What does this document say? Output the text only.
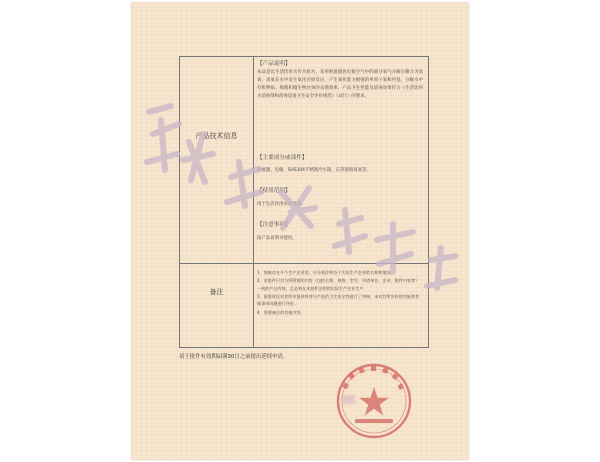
产品技术信息
备注
【产品说明】

本品是以生活饮用水作为原水，采用射流器放电使空气中的部分氧气分解后聚合为臭氧，臭氧在水中发生氧化还原反应，产生氧化能力极强的单原子氧和羟基，分解水中有机物质、细菌和微生物达到的杀菌效果。产品卫生性能及消毒效果符合《生活饮用水消毒剂和消毒设备卫生安全评价规范》（试行）的要求。

【主要成分或部件】

射流器、电极、SUS304不锈钢冷水箱、石英玻璃臭氧管。

【使用范围】

用于生活饮用水的消毒。

【注意事项】

按产品说明书使用。

1、如果存在多个生产企业的，应分别注明各个实际生产企业的名称和地址。

2、本批件只对与所附说明内容（包括名称、规格、型号、申请单位、企业、附件内容等）一致的产品有效，且必须在本批件注明的实际生产企业生产。

3、批准时仅对其所申报材料对应产品的卫生安全性进行了审核，未对其所宣传的功能和其他事项问题进行评价。

4、需要备注的其他内容。

请于批件有效期届满30日之前提出延续申请。
